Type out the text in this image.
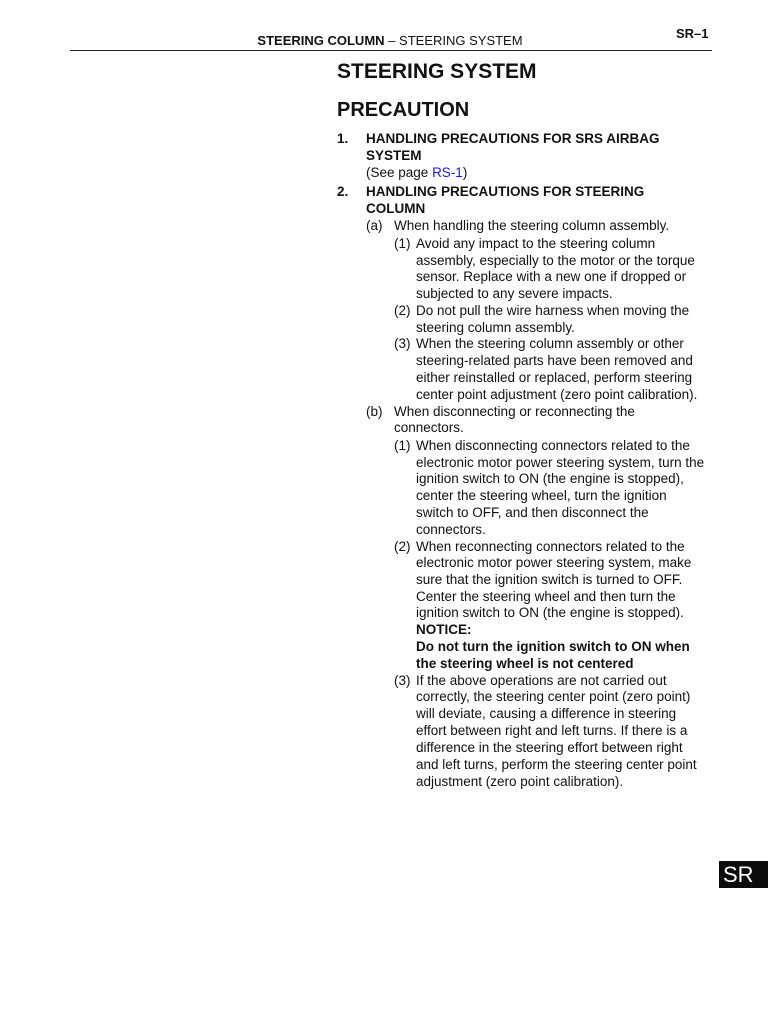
STEERING COLUMN – STEERING SYSTEM	SR–1
STEERING SYSTEM
PRECAUTION
1. HANDLING PRECAUTIONS FOR SRS AIRBAG
SYSTEM
(See page RS-1)
2. HANDLING PRECAUTIONS FOR STEERING
COLUMN
(a) When handling the steering column assembly.
(1) Avoid any impact to the steering column
assembly, especially to the motor or the torque
sensor. Replace with a new one if dropped or
subjected to any severe impacts.
(2) Do not pull the wire harness when moving the
steering column assembly.
(3) When the steering column assembly or other
steering-related parts have been removed and
either reinstalled or replaced, perform steering
center point adjustment (zero point calibration).
(b) When disconnecting or reconnecting the
connectors.
(1) When disconnecting connectors related to the
electronic motor power steering system, turn the
ignition switch to ON (the engine is stopped),
center the steering wheel, turn the ignition
switch to OFF, and then disconnect the
connectors.
(2) When reconnecting connectors related to the
electronic motor power steering system, make
sure that the ignition switch is turned to OFF.
Center the steering wheel and then turn the
ignition switch to ON (the engine is stopped).
NOTICE:
Do not turn the ignition switch to ON when
the steering wheel is not centered
(3) If the above operations are not carried out
correctly, the steering center point (zero point)
will deviate, causing a difference in steering
effort between right and left turns. If there is a
difference in the steering effort between right
and left turns, perform the steering center point
adjustment (zero point calibration).
SR
